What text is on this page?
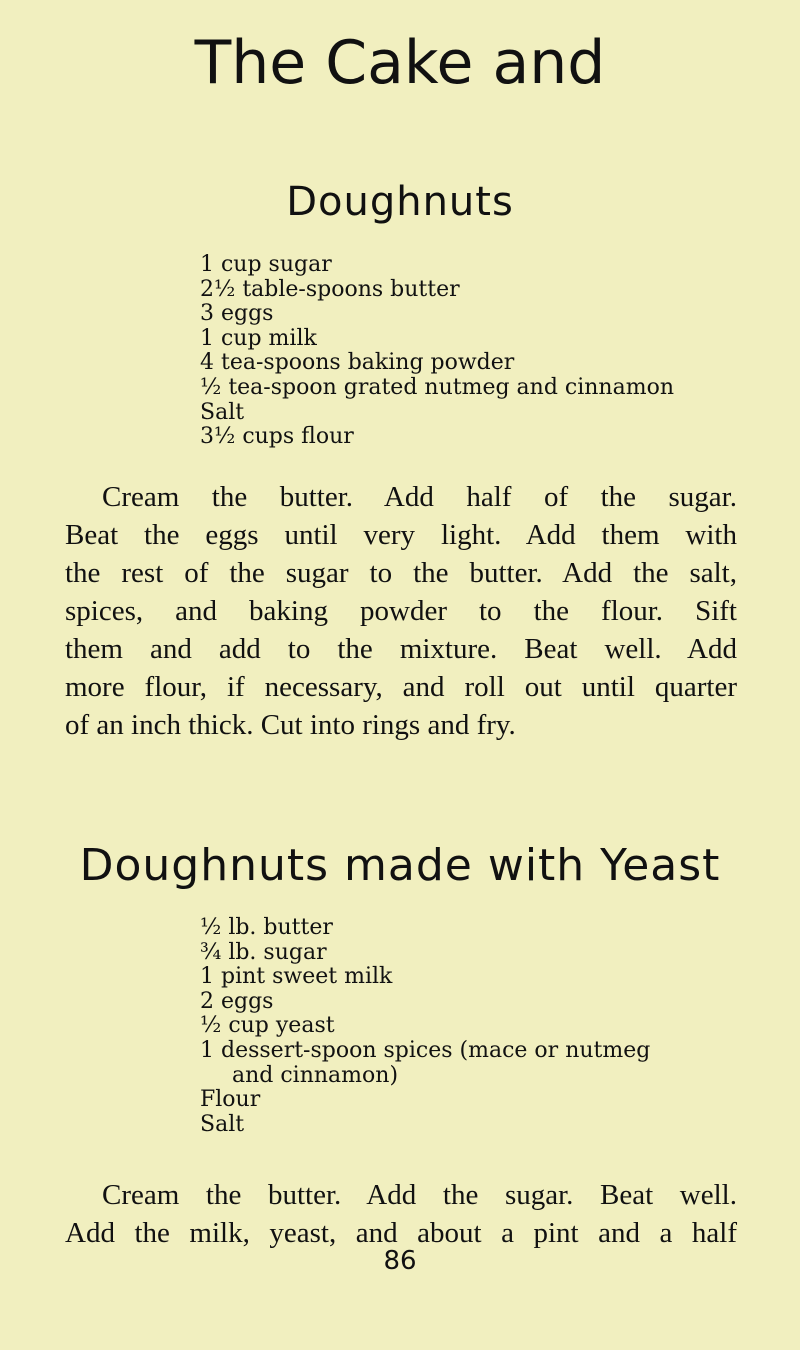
The Cake and
Doughnuts
1 cup sugar
2½ table-spoons butter
3 eggs
1 cup milk
4 tea-spoons baking powder
½ tea-spoon grated nutmeg and cinnamon
Salt
3½ cups flour

Cream the butter. Add half of the sugar.
Beat the eggs until very light. Add them with
the rest of the sugar to the butter. Add the salt,
spices, and baking powder to the flour. Sift
them and add to the mixture. Beat well. Add
more flour, if necessary, and roll out until quarter
of an inch thick. Cut into rings and fry.

Doughnuts made with Yeast
½ lb. butter
¾ lb. sugar
1 pint sweet milk
2 eggs
½ cup yeast
1 dessert-spoon spices (mace or nutmeg
and cinnamon)
Flour
Salt

Cream the butter. Add the sugar. Beat well.
Add the milk, yeast, and about a pint and a half

86
